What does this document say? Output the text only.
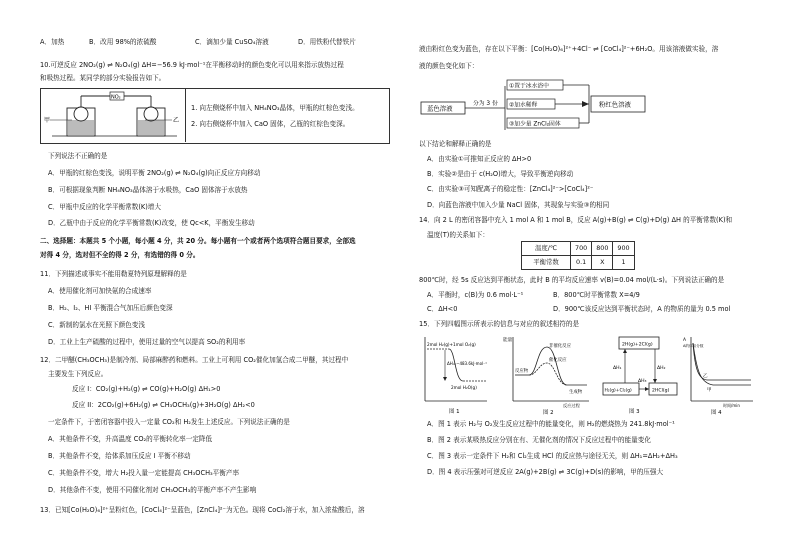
A．加热	B．改用 98%的浓硫酸	C．滴加少量 CuSO₄溶液	D．用铁粉代替铁片
10.可逆反应 2NO₂(g) ⇌ N₂O₄(g) ΔH=−56.9 kJ·mol⁻¹在平衡移动时的颜色变化可以用来指示放热过程
和吸热过程。某同学的部分实验报告如下。
NO₂
甲	乙
1. 向左侧烧杯中加入 NH₄NO₃晶体，甲瓶的红棕色变浅。
2. 向右侧烧杯中加入 CaO 固体，乙瓶的红棕色变深。
下列说法不正确的是
A．甲瓶的红棕色变浅，说明平衡 2NO₂(g) ⇌ N₂O₄(g)向正反应方向移动
B．可根据现象判断 NH₄NO₃晶体溶于水吸热，CaO 固体溶于水放热
C．甲瓶中反应的化学平衡常数(K)增大
D．乙瓶中由于反应的化学平衡常数(K)改变，使 Qc<K，平衡发生移动
二、选择题：本题共 5 个小题，每小题 4 分，共 20 分。每小题有一个或者两个选项符合题目要求，全部选
对得 4 分，选对但不全的得 2 分，有选错的得 0 分。
11．下列描述或事实不能用勒夏特列原理解释的是
A．使用催化剂可加快氨的合成速率
B．H₂、I₂、HI 平衡混合气加压后颜色变深
C．新制的氯水在光照下颜色变浅
D．工业上生产硫酸的过程中，使用过量的空气以提高 SO₂的利用率
12．二甲醚(CH₃OCH₃)是制冷剂、局部麻醉药和燃料。工业上可利用 CO₂催化加氢合成二甲醚，其过程中
主要发生下列反应。
反应 I：CO₂(g)+H₂(g) ⇌ CO(g)+H₂O(g) ΔH₁>0
反应 II：2CO₂(g)+6H₂(g) ⇌ CH₃OCH₃(g)+3H₂O(g) ΔH₂<0
一定条件下，于密闭容器中投入一定量 CO₂和 H₂发生上述反应。下列说法正确的是
A．其他条件不变，升高温度 CO₂的平衡转化率一定降低
B．其他条件不变，给体系加压反应 I 平衡不移动
C．其他条件不变，增大 H₂投入量一定能提高 CH₃OCH₃平衡产率
D．其他条件不变，使用不同催化剂对 CH₃OCH₃的平衡产率不产生影响
13．已知[Co(H₂O)₆]²⁺呈粉红色，[CoCl₄]²⁻呈蓝色，[ZnCl₄]²⁻为无色。现将 CoCl₂溶于水，加入浓盐酸后，溶
液由粉红色变为蓝色，存在以下平衡：[Co(H₂O)₆]²⁺+4Cl⁻ ⇌ [CoCl₄]²⁻+6H₂O。用该溶液做实验，溶
液的颜色变化如下：
蓝色溶液
分为 3 份
①置于冰水浴中
②加水稀释
③加少量 ZnCl₂固体
粉红色溶液
以下结论和解释正确的是
A．由实验①可推知正反应的 ΔH>0
B．实验②是由于 c(H₂O)增大，导致平衡逆向移动
C．由实验③可知配离子的稳定性：[ZnCl₄]²⁻>[CoCl₄]²⁻
D．向蓝色溶液中加入少量 NaCl 固体，其现象与实验③的相同
14．向 2 L 的密闭容器中充入 1 mol A 和 1 mol B，反应 A(g)+B(g) ⇌ C(g)+D(g) ΔH 的平衡常数(K)和
温度(T)的关系如下：
温度/℃	700	800	900
平衡常数	0.1	X	1
800℃时，经 5s 反应达到平衡状态，此时 B 的平均反应速率 v(B)=0.04 mol/(L·s)。下列说法正确的是
A．平衡时，c(B)为 0.6 mol·L⁻¹	B．800℃时平衡常数 X=4/9
C．ΔH<0	D．900℃该反应达到平衡状态时，A 的物质的量为 0.5 mol
15．下列四幅图示所表示的信息与对应的叙述相符的是
2mol H₂(g)+1mol O₂(g)
ΔH=−483.6kJ·mol⁻¹
2mol H₂O(g)
图 1
能量
非催化反应
催化反应
反应物
生成物
反应过程
图 2
2H(g)+2Cl(g)
H₂(g)+Cl₂(g)	2HCl(g)
ΔH₁	ΔH₂
ΔH₃
图 3
A
A的体积分数
乙
甲
时间/min
图 4
A．图 1 表示 H₂与 O₂发生反应过程中的能量变化，则 H₂的燃烧热为 241.8kJ·mol⁻¹
B．图 2 表示某吸热反应分别在有、无催化剂的情况下反应过程中的能量变化
C．图 3 表示一定条件下 H₂和 Cl₂生成 HCl 的反应热与途径无关，则 ΔH₁=ΔH₂+ΔH₃
D．图 4 表示压强对可逆反应 2A(g)+2B(g) ⇌ 3C(g)+D(s)的影响，甲的压强大
